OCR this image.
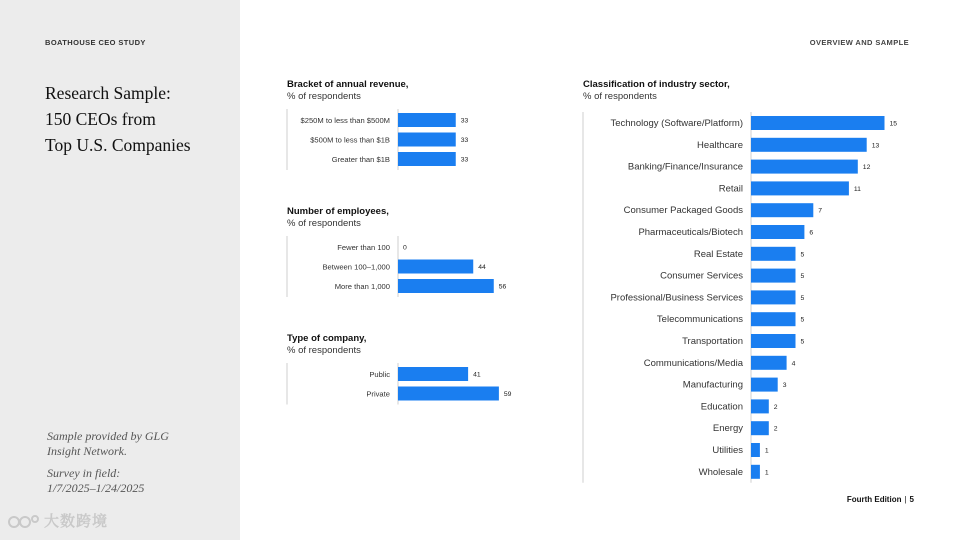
BOATHOUSE CEO STUDY
Research Sample:
150 CEOs from
Top U.S. Companies
Sample provided by GLG
Insight Network.
Survey in field:
1/7/2025–1/24/2025
大数跨境
OVERVIEW AND SAMPLE
Bracket of annual revenue,
% of respondents
$250M to less than $500M	33
$500M to less than $1B	33
Greater than $1B	33
Number of employees,
% of respondents
Fewer than 100 0
Between 100–1,000	44
More than 1,000	56
Type of company,
% of respondents
Public	41
Private	59
Classification of industry sector,
% of respondents
Technology (Software/Platform)	15
Healthcare	13
Banking/Finance/Insurance	12
Retail	11
Consumer Packaged Goods	7
Pharmaceuticals/Biotech	6
Real Estate	5
Consumer Services	5
Professional/Business Services	5
Telecommunications	5
Transportation	5
Communications/Media	4
Manufacturing	3
Education	2
Energy	2
Utilities	1
Wholesale	1
Fourth Edition | 5
